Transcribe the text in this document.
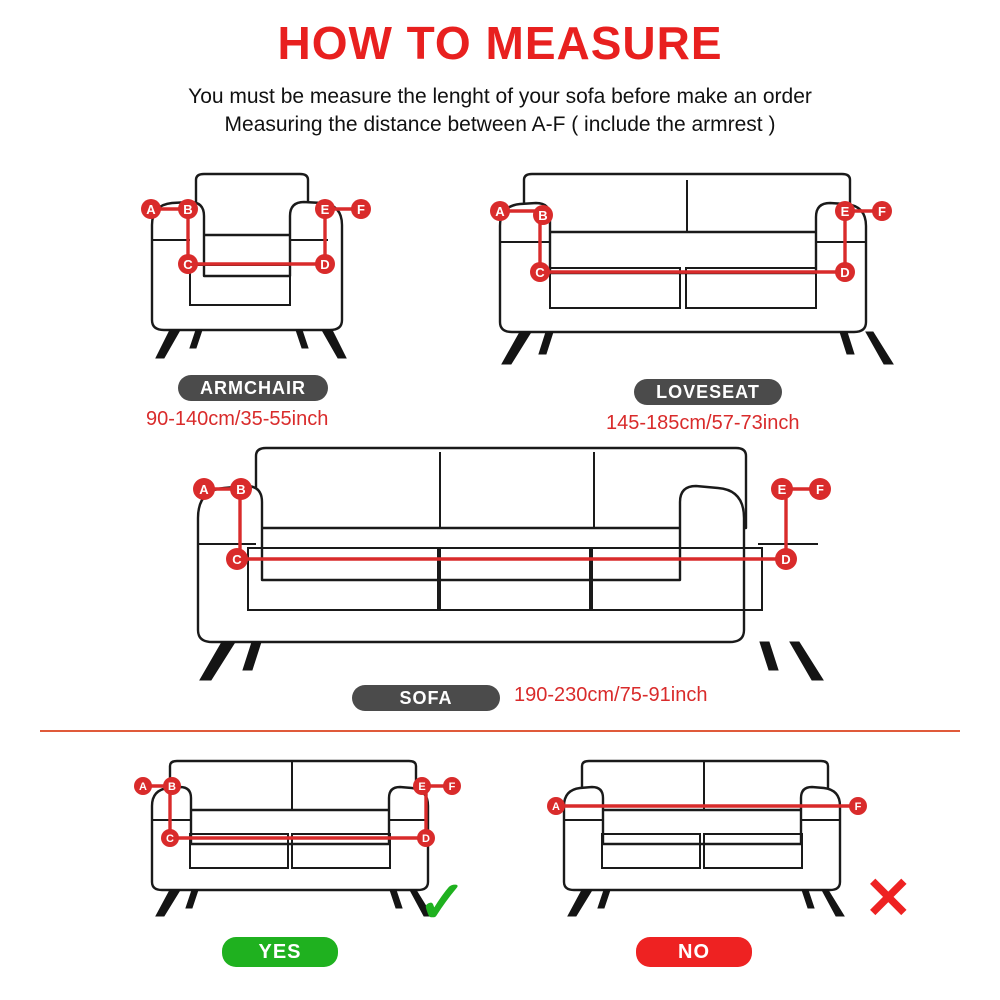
HOW TO MEASURE
You must be measure the lenght of your sofa before make an order
Measuring the distance between A-F ( include the armrest )
A B
C	D
E F	A	B
C	D
E F
A B
C	D
E F
A B
C	D
E F
A	F
ARMCHAIR
90-140cm/35-55inch
LOVESEAT
145-185cm/57-73inch
SOFA	190-230cm/75-91inch
YES	NO
✓	✕
